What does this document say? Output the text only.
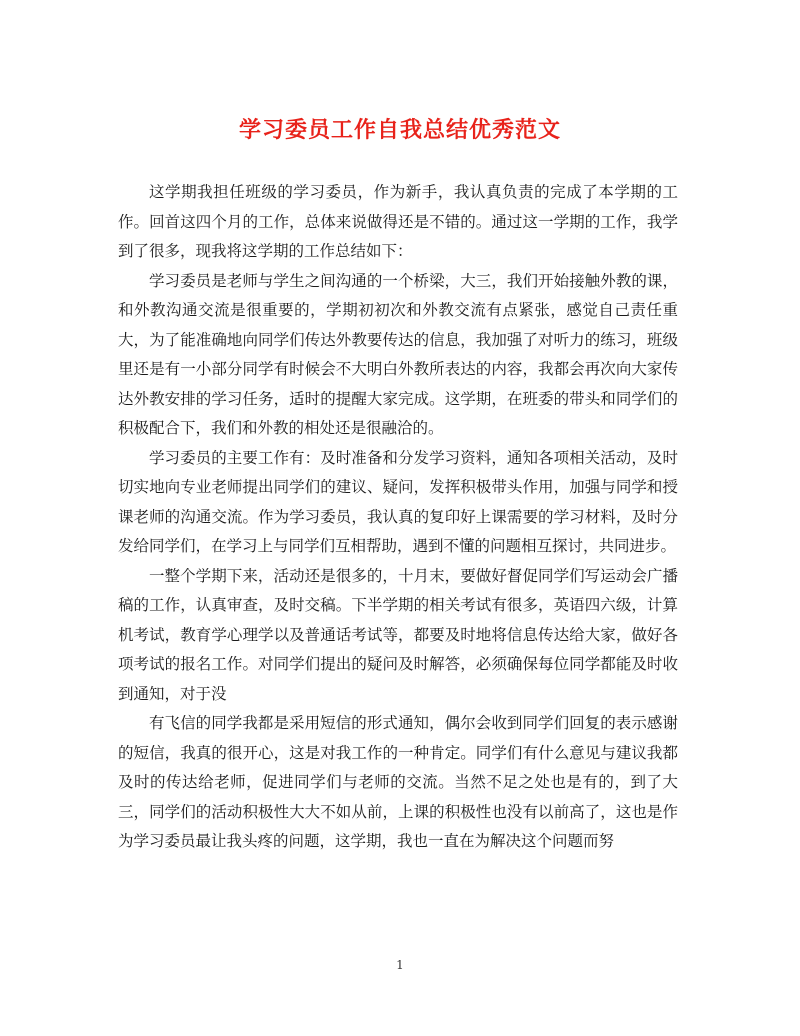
学习委员工作自我总结优秀范文

这学期我担任班级的学习委员，作为新手，我认真负责的完成了本学期的工作。回首这四个月的工作，总体来说做得还是不错的。通过这一学期的工作，我学到了很多，现我将这学期的工作总结如下：

学习委员是老师与学生之间沟通的一个桥梁，大三，我们开始接触外教的课，和外教沟通交流是很重要的，学期初初次和外教交流有点紧张，感觉自己责任重大，为了能准确地向同学们传达外教要传达的信息，我加强了对听力的练习，班级里还是有一小部分同学有时候会不大明白外教所表达的内容，我都会再次向大家传达外教安排的学习任务，适时的提醒大家完成。这学期，在班委的带头和同学们的积极配合下，我们和外教的相处还是很融洽的。

学习委员的主要工作有：及时准备和分发学习资料，通知各项相关活动，及时切实地向专业老师提出同学们的建议、疑问，发挥积极带头作用，加强与同学和授课老师的沟通交流。作为学习委员，我认真的复印好上课需要的学习材料，及时分发给同学们，在学习上与同学们互相帮助，遇到不懂的问题相互探讨，共同进步。

一整个学期下来，活动还是很多的，十月末，要做好督促同学们写运动会广播稿的工作，认真审查，及时交稿。下半学期的相关考试有很多，英语四六级，计算机考试，教育学心理学以及普通话考试等，都要及时地将信息传达给大家，做好各项考试的报名工作。对同学们提出的疑问及时解答，必须确保每位同学都能及时收到通知，对于没

有飞信的同学我都是采用短信的形式通知，偶尔会收到同学们回复的表示感谢的短信，我真的很开心，这是对我工作的一种肯定。同学们有什么意见与建议我都及时的传达给老师，促进同学们与老师的交流。当然不足之处也是有的，到了大三，同学们的活动积极性大大不如从前，上课的积极性也没有以前高了，这也是作为学习委员最让我头疼的问题，这学期，我也一直在为解决这个问题而努

1
